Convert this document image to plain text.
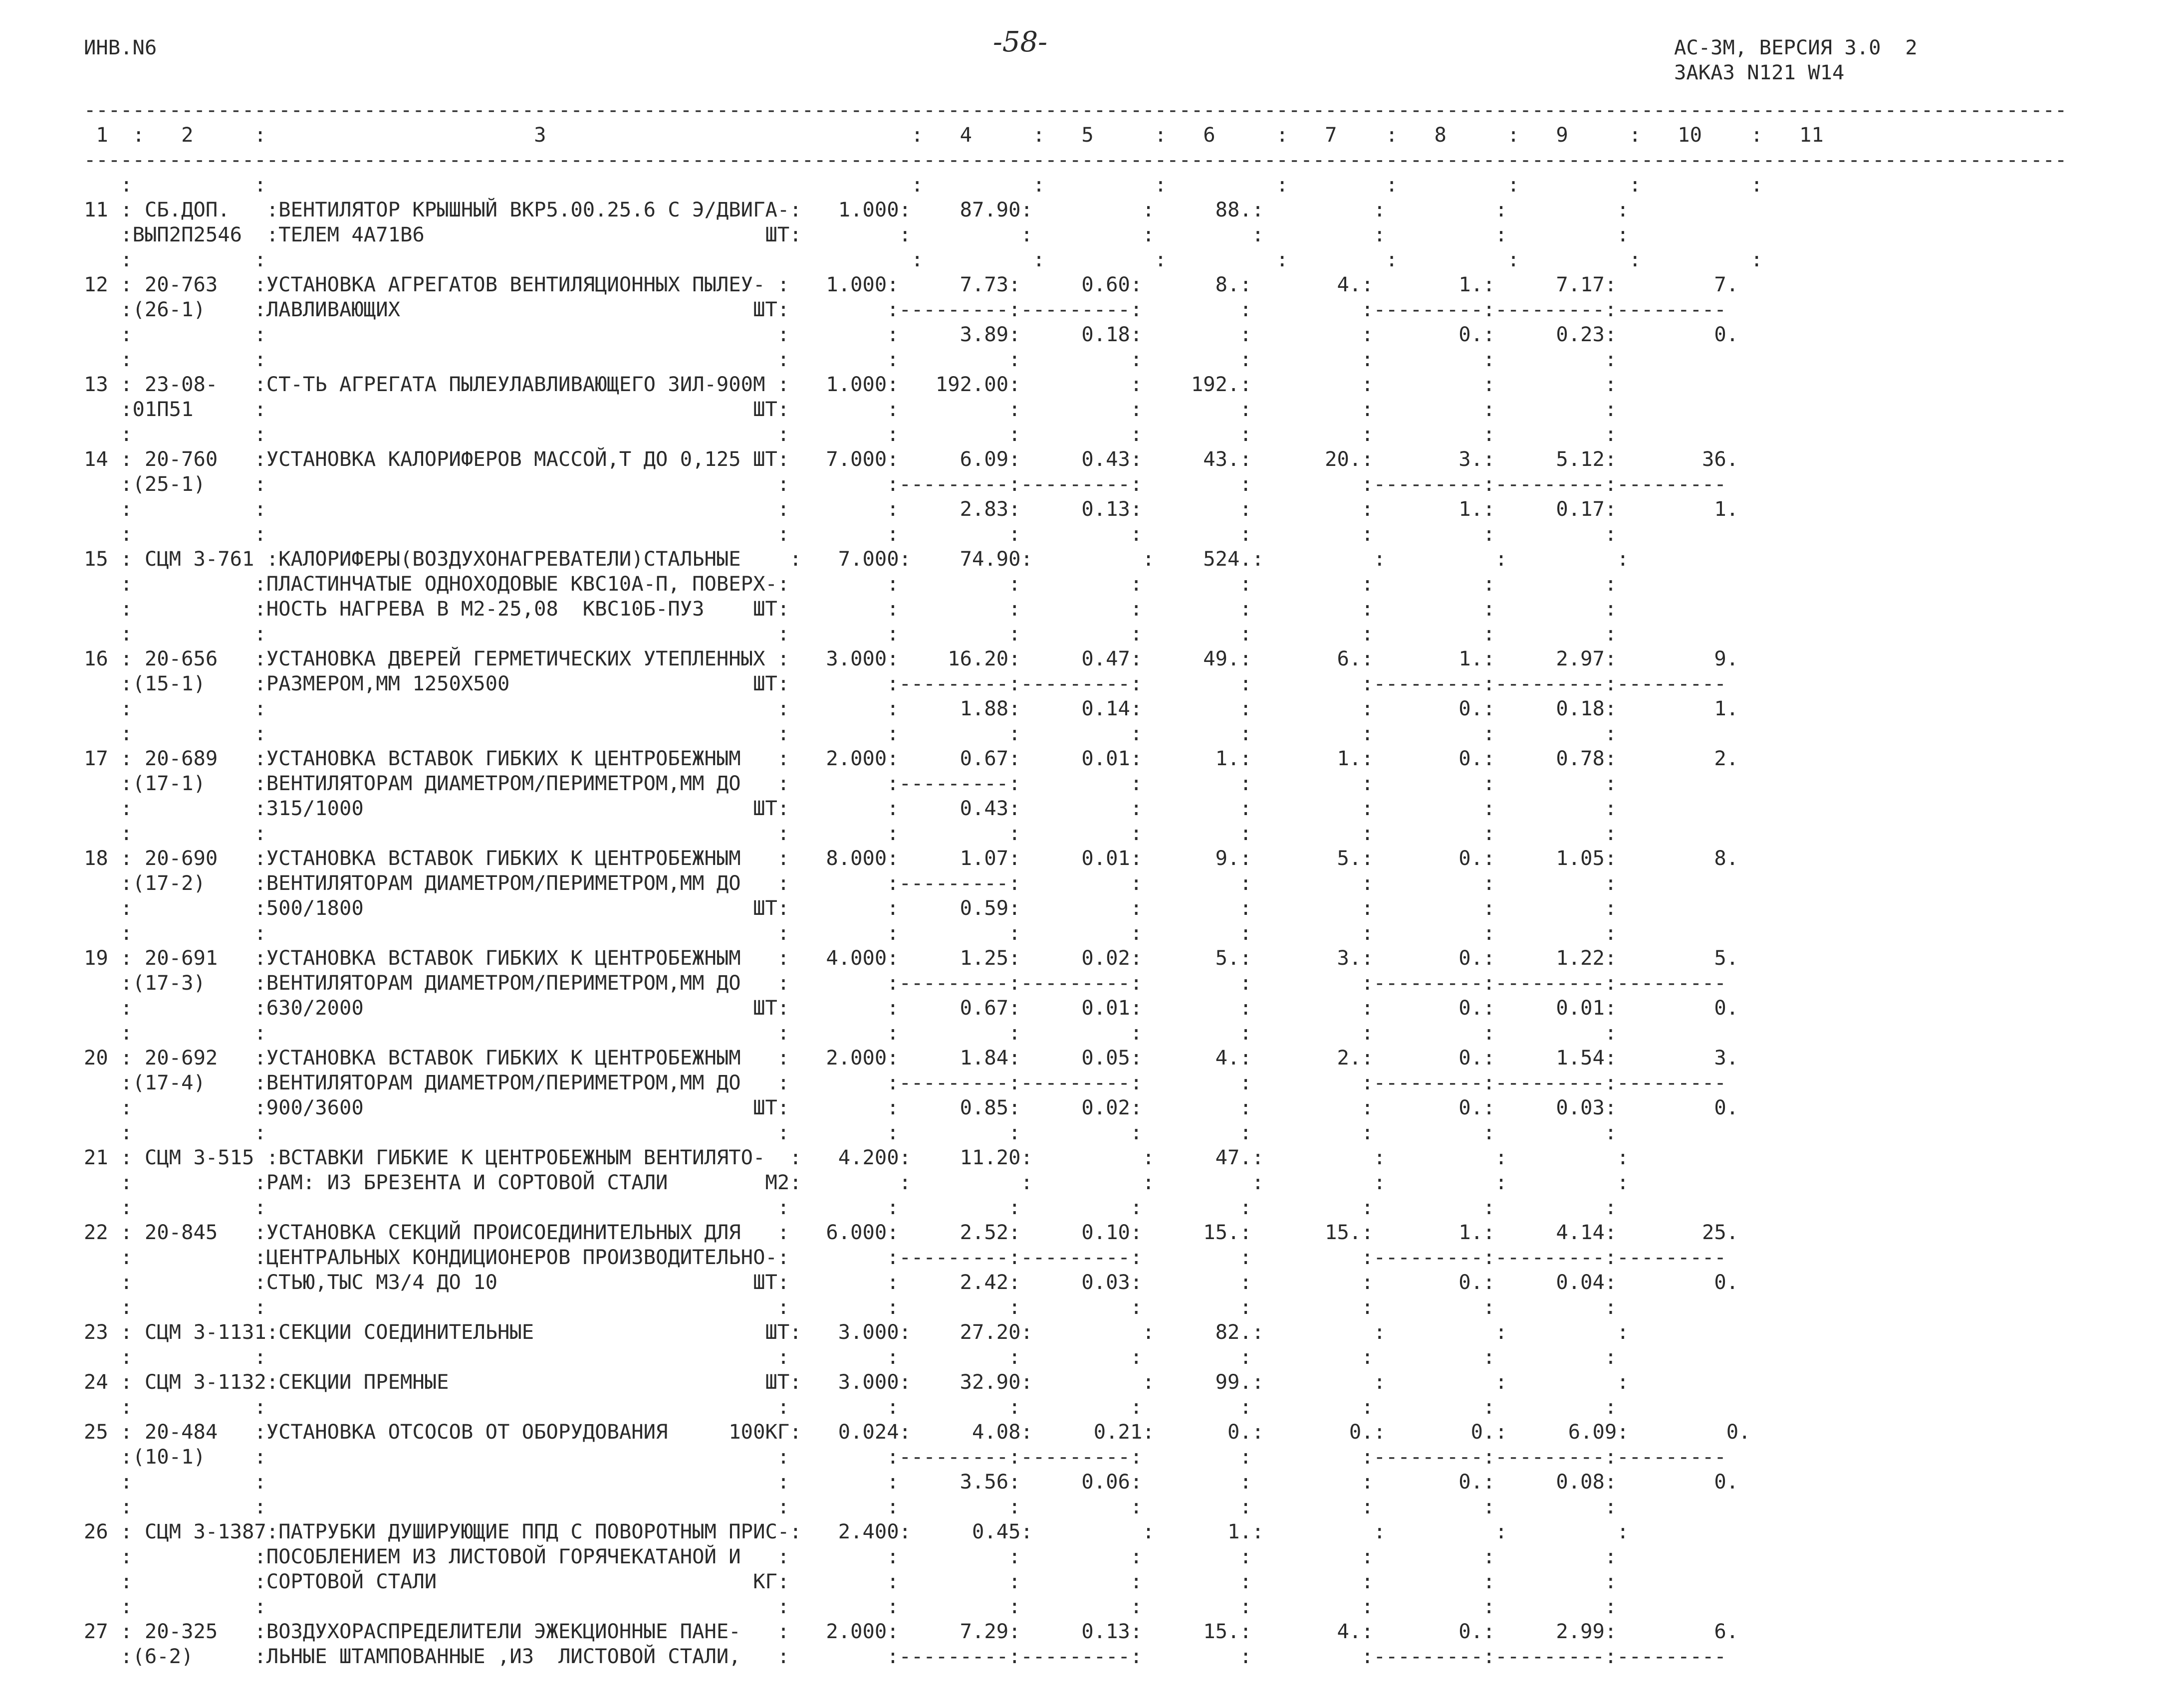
ИНВ.N6	-58-	АС-3М, ВЕРСИЯ 3.0  2
ЗАКАЗ N121 W14
-------------------------------------------------------------------------------------------------------------------------------------------------------------------
1  :   2     :                      3                              :   4     :   5     :   6     :   7    :   8     :   9     :   10    :   11
-------------------------------------------------------------------------------------------------------------------------------------------------------------------
:          :                                                     :         :         :         :        :         :         :         :
11 : СБ.ДОП.   :ВЕНТИЛЯТОР КРЫШНЫЙ ВКР5.00.25.6 С Э/ДВИГА-:   1.000:    87.90:         :     88.:         :         :         :
:ВЫП2П2546  :ТЕЛЕМ 4А71В6                            ШТ:        :         :         :        :         :         :         :
:          :                                                     :         :         :         :        :         :         :         :
12 : 20-763   :УСТАНОВКА АГРЕГАТОВ ВЕНТИЛЯЦИОННЫХ ПЫЛЕУ- :   1.000:     7.73:     0.60:      8.:       4.:       1.:     7.17:        7.
:(26-1)    :ЛАВЛИВАЮЩИХ                             ШТ:        :---------:---------:        :         :---------:---------:---------
:          :                                          :        :     3.89:     0.18:        :         :       0.:     0.23:        0.
:          :                                          :        :         :         :        :         :         :         :
13 : 23-08-   :СТ-ТЬ АГРЕГАТА ПЫЛЕУЛАВЛИВАЮЩЕГО ЗИЛ-900М :   1.000:   192.00:         :    192.:         :         :         :
:01П51     :                                        ШТ:        :         :         :        :         :         :         :
:          :                                          :        :         :         :        :         :         :         :
14 : 20-760   :УСТАНОВКА КАЛОРИФЕРОВ МАССОЙ,Т ДО 0,125 ШТ:   7.000:     6.09:     0.43:     43.:      20.:       3.:     5.12:       36.
:(25-1)    :                                          :        :---------:---------:        :         :---------:---------:---------
:          :                                          :        :     2.83:     0.13:        :         :       1.:     0.17:        1.
:          :                                          :        :         :         :        :         :         :         :
15 : СЦМ 3-761 :КАЛОРИФЕРЫ(ВОЗДУХОНАГРЕВАТЕЛИ)СТАЛЬНЫЕ    :   7.000:    74.90:         :    524.:         :         :         :
:          :ПЛАСТИНЧАТЫЕ ОДНОХОДОВЫЕ КВС10А-П, ПОВЕРХ-:        :         :         :        :         :         :         :
:          :НОСТЬ НАГРЕВА В М2-25,08  КВС10Б-ПУЗ    ШТ:        :         :         :        :         :         :         :
:          :                                          :        :         :         :        :         :         :         :
16 : 20-656   :УСТАНОВКА ДВЕРЕЙ ГЕРМЕТИЧЕСКИХ УТЕПЛЕННЫХ :   3.000:    16.20:     0.47:     49.:       6.:       1.:     2.97:        9.
:(15-1)    :РАЗМЕРОМ,ММ 1250Х500                    ШТ:        :---------:---------:        :         :---------:---------:---------
:          :                                          :        :     1.88:     0.14:        :         :       0.:     0.18:        1.
:          :                                          :        :         :         :        :         :         :         :
17 : 20-689   :УСТАНОВКА ВСТАВОК ГИБКИХ К ЦЕНТРОБЕЖНЫМ   :   2.000:     0.67:     0.01:      1.:       1.:       0.:     0.78:        2.
:(17-1)    :ВЕНТИЛЯТОРАМ ДИАМЕТРОМ/ПЕРИМЕТРОМ,ММ ДО   :        :---------:         :        :         :         :         :
:          :315/1000                                ШТ:        :     0.43:         :        :         :         :         :
:          :                                          :        :         :         :        :         :         :         :
18 : 20-690   :УСТАНОВКА ВСТАВОК ГИБКИХ К ЦЕНТРОБЕЖНЫМ   :   8.000:     1.07:     0.01:      9.:       5.:       0.:     1.05:        8.
:(17-2)    :ВЕНТИЛЯТОРАМ ДИАМЕТРОМ/ПЕРИМЕТРОМ,ММ ДО   :        :---------:         :        :         :         :         :
:          :500/1800                                ШТ:        :     0.59:         :        :         :         :         :
:          :                                          :        :         :         :        :         :         :         :
19 : 20-691   :УСТАНОВКА ВСТАВОК ГИБКИХ К ЦЕНТРОБЕЖНЫМ   :   4.000:     1.25:     0.02:      5.:       3.:       0.:     1.22:        5.
:(17-3)    :ВЕНТИЛЯТОРАМ ДИАМЕТРОМ/ПЕРИМЕТРОМ,ММ ДО   :        :---------:---------:        :         :---------:---------:---------
:          :630/2000                                ШТ:        :     0.67:     0.01:        :         :       0.:     0.01:        0.
:          :                                          :        :         :         :        :         :         :         :
20 : 20-692   :УСТАНОВКА ВСТАВОК ГИБКИХ К ЦЕНТРОБЕЖНЫМ   :   2.000:     1.84:     0.05:      4.:       2.:       0.:     1.54:        3.
:(17-4)    :ВЕНТИЛЯТОРАМ ДИАМЕТРОМ/ПЕРИМЕТРОМ,ММ ДО   :        :---------:---------:        :         :---------:---------:---------
:          :900/3600                                ШТ:        :     0.85:     0.02:        :         :       0.:     0.03:        0.
:          :                                          :        :         :         :        :         :         :         :
21 : СЦМ 3-515 :ВСТАВКИ ГИБКИЕ К ЦЕНТРОБЕЖНЫМ ВЕНТИЛЯТО-  :   4.200:    11.20:         :     47.:         :         :         :
:          :РАМ: ИЗ БРЕЗЕНТА И СОРТОВОЙ СТАЛИ        М2:        :         :         :        :         :         :         :
:          :                                          :        :         :         :        :         :         :         :
22 : 20-845   :УСТАНОВКА СЕКЦИЙ ПРОИСОЕДИНИТЕЛЬНЫХ ДЛЯ   :   6.000:     2.52:     0.10:     15.:      15.:       1.:     4.14:       25.
:          :ЦЕНТРАЛЬНЫХ КОНДИЦИОНЕРОВ ПРОИЗВОДИТЕЛЬНО-:        :---------:---------:        :         :---------:---------:---------
:          :СТЬЮ,ТЫС М3/4 ДО 10                     ШТ:        :     2.42:     0.03:        :         :       0.:     0.04:        0.
:          :                                          :        :         :         :        :         :         :         :
23 : СЦМ 3-1131:СЕКЦИИ СОЕДИНИТЕЛЬНЫЕ                   ШТ:   3.000:    27.20:         :     82.:         :         :         :
:          :                                          :        :         :         :        :         :         :         :
24 : СЦМ 3-1132:СЕКЦИИ ПРЕМНЫЕ                          ШТ:   3.000:    32.90:         :     99.:         :         :         :
:          :                                          :        :         :         :        :         :         :         :
25 : 20-484   :УСТАНОВКА ОТСОСОВ ОТ ОБОРУДОВАНИЯ     100КГ:   0.024:     4.08:     0.21:      0.:       0.:       0.:     6.09:        0.
:(10-1)    :                                          :        :---------:---------:        :         :---------:---------:---------
:          :                                          :        :     3.56:     0.06:        :         :       0.:     0.08:        0.
:          :                                          :        :         :         :        :         :         :         :
26 : СЦМ 3-1387:ПАТРУБКИ ДУШИРУЮЩИЕ ППД С ПОВОРОТНЫМ ПРИС-:   2.400:     0.45:         :      1.:         :         :         :
:          :ПОСОБЛЕНИЕМ ИЗ ЛИСТОВОЙ ГОРЯЧЕКАТАНОЙ И   :        :         :         :        :         :         :         :
:          :СОРТОВОЙ СТАЛИ                          КГ:        :         :         :        :         :         :         :
:          :                                          :        :         :         :        :         :         :         :
27 : 20-325   :ВОЗДУХОРАСПРЕДЕЛИТЕЛИ ЭЖЕКЦИОННЫЕ ПАНЕ-   :   2.000:     7.29:     0.13:     15.:       4.:       0.:     2.99:        6.
:(6-2)     :ЛЬНЫЕ ШТАМПОВАННЫЕ ,ИЗ  ЛИСТОВОЙ СТАЛИ,   :        :---------:---------:        :         :---------:---------:---------
